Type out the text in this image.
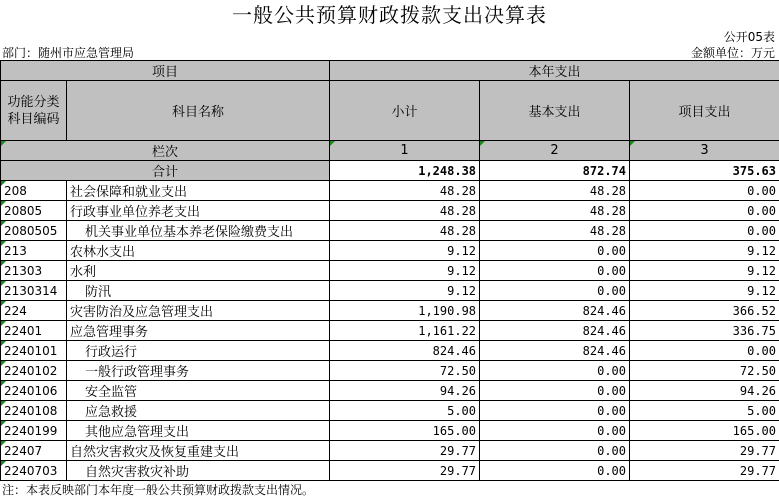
一般公共预算财政拨款支出决算表
公开05表
部门：随州市应急管理局	金额单位：万元
项目		本年支出		
功能分类科目编码	科目名称	小计	基本支出	项目支出
栏次		1	2	3
合计		1,248.38	872.74	375.63
208	社会保障和就业支出	48.28	48.28	0.00
20805	行政事业单位养老支出	48.28	48.28	0.00
2080505	机关事业单位基本养老保险缴费支出	48.28	48.28	0.00
213	农林水支出	9.12	0.00	9.12
21303	水利	9.12	0.00	9.12
2130314	防汛	9.12	0.00	9.12
224	灾害防治及应急管理支出	1,190.98	824.46	366.52
22401	应急管理事务	1,161.22	824.46	336.75
2240101	行政运行	824.46	824.46	0.00
2240102	一般行政管理事务	72.50	0.00	72.50
2240106	安全监管	94.26	0.00	94.26
2240108	应急救援	5.00	0.00	5.00
2240199	其他应急管理支出	165.00	0.00	165.00
22407	自然灾害救灾及恢复重建支出	29.77	0.00	29.77
2240703	自然灾害救灾补助	29.77	0.00	29.77
注：本表反映部门本年度一般公共预算财政拨款支出情况。
